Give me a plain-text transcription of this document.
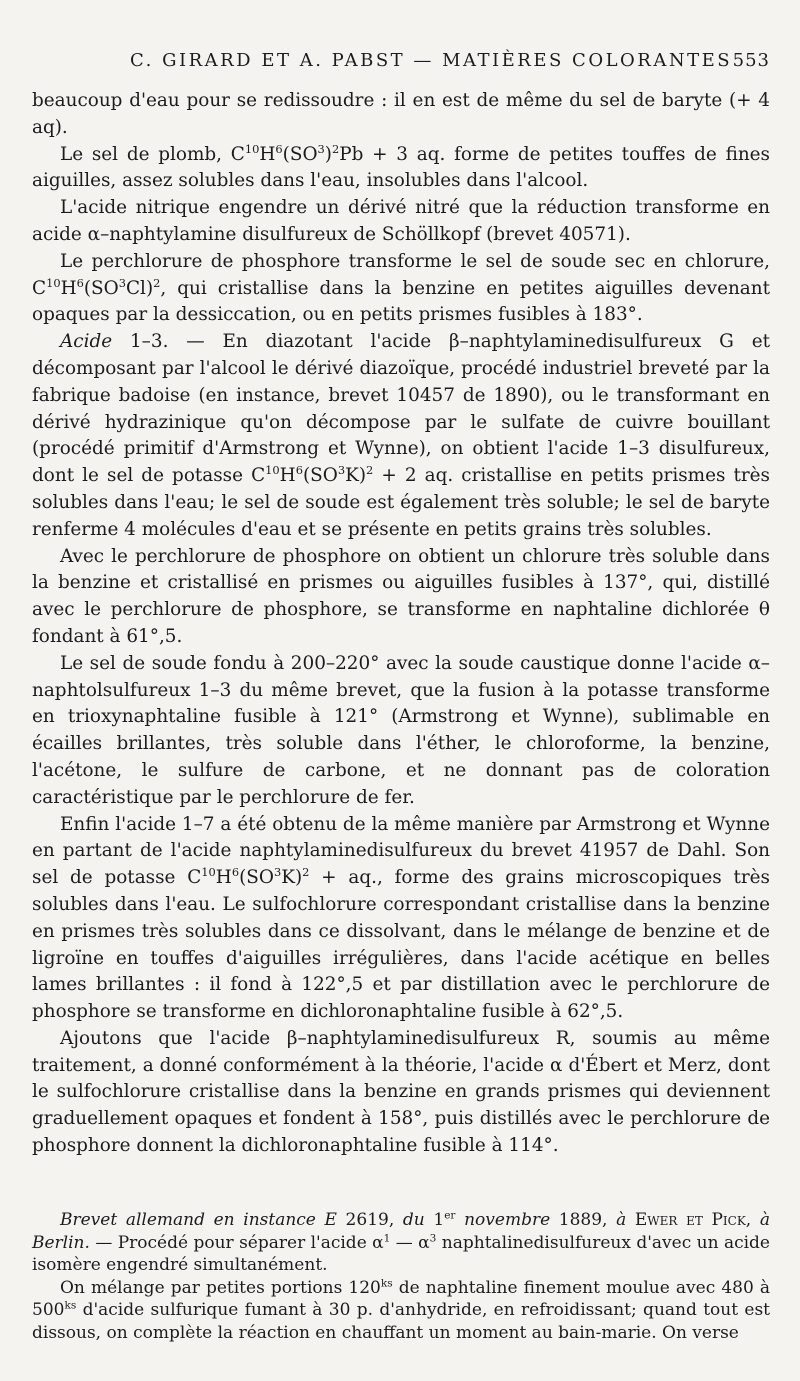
C. GIRARD ET A. PABST — MATIÈRES COLORANTES 553

beaucoup d'eau pour se redissoudre : il en est de même du sel de baryte (+ 4 aq).

Le sel de plomb, $C^{10}H^6(SO^3)^2Pb + 3$ aq. forme de petites touffes de fines aiguilles, assez solubles dans l'eau, insolubles dans l'alcool.

L'acide nitrique engendre un dérivé nitré que la réduction transforme en acide α–naphtylamine disulfureux de Schöllkopf (brevet 40571).

Le perchlorure de phosphore transforme le sel de soude sec en chlorure, $C^{10}H^6(SO^3Cl)^2$, qui cristallise dans la benzine en petites aiguilles devenant opaques par la dessiccation, ou en petits prismes fusibles à 183°.

Acide 1–3. — En diazotant l'acide β–naphtylaminedisulfureux G et décomposant par l'alcool le dérivé diazoïque, procédé industriel breveté par la fabrique badoise (en instance, brevet 10457 de 1890), ou le transformant en dérivé hydrazinique qu'on décompose par le sulfate de cuivre bouillant (procédé primitif d'Armstrong et Wynne), on obtient l'acide 1–3 disulfureux, dont le sel de potasse $C^{10}H^6(SO^3K)^2 + 2$ aq. cristallise en petits prismes très solubles dans l'eau; le sel de soude est également très soluble; le sel de baryte renferme 4 molécules d'eau et se présente en petits grains très solubles.

Avec le perchlorure de phosphore on obtient un chlorure très soluble dans la benzine et cristallisé en prismes ou aiguilles fusibles à 137°, qui, distillé avec le perchlorure de phosphore, se transforme en naphtaline dichlorée θ fondant à 61°,5.

Le sel de soude fondu à 200–220° avec la soude caustique donne l'acide α–naphtolsulfureux 1–3 du même brevet, que la fusion à la potasse transforme en trioxynaphtaline fusible à 121° (Armstrong et Wynne), sublimable en écailles brillantes, très soluble dans l'éther, le chloroforme, la benzine, l'acétone, le sulfure de carbone, et ne donnant pas de coloration caractéristique par le perchlorure de fer.

Enfin l'acide 1–7 a été obtenu de la même manière par Armstrong et Wynne en partant de l'acide naphtylaminedisulfureux du brevet 41957 de Dahl. Son sel de potasse $C^{10}H^6(SO^3K)^2$ + aq., forme des grains microscopiques très solubles dans l'eau. Le sulfochlorure correspondant cristallise dans la benzine en prismes très solubles dans ce dissolvant, dans le mélange de benzine et de ligroïne en touffes d'aiguilles irrégulières, dans l'acide acétique en belles lames brillantes : il fond à 122°,5 et par distillation avec le perchlorure de phosphore se transforme en dichloronaphtaline fusible à 62°,5.

Ajoutons que l'acide β–naphtylaminedisulfureux R, soumis au même traitement, a donné conformément à la théorie, l'acide α d'Ébert et Merz, dont le sulfochlorure cristallise dans la benzine en grands prismes qui deviennent graduellement opaques et fondent à 158°, puis distillés avec le perchlorure de phosphore donnent la dichloronaphtaline fusible à 114°.

Brevet allemand en instance E 2619, du 1er novembre 1889, à Ewer et Pick, à Berlin. — Procédé pour séparer l'acide $\alpha^1$ — $\alpha^3$ naphtalinedisulfureux d'avec un acide isomère engendré simultanément.

On mélange par petites portions $120^{ks}$ de naphtaline finement moulue avec 480 à $500^{ks}$ d'acide sulfurique fumant à 30 p. d'anhydride, en refroidissant; quand tout est dissous, on complète la réaction en chauffant un moment au bain-marie. On verse
